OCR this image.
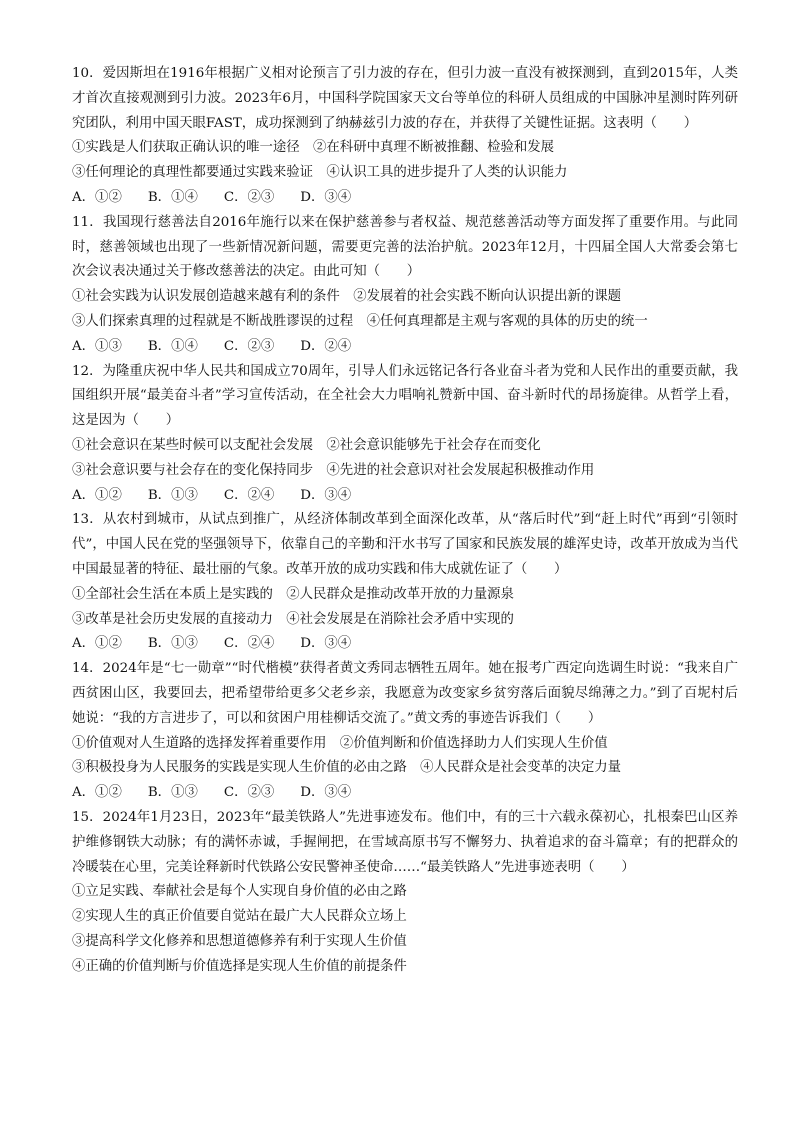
10．爱因斯坦在1916年根据广义相对论预言了引力波的存在，但引力波一直没有被探测到，直到2015年，人类才首次直接观测到引力波。2023年6月，中国科学院国家天文台等单位的科研人员组成的中国脉冲星测时阵列研究团队，利用中国天眼FAST，成功探测到了纳赫兹引力波的存在，并获得了关键性证据。这表明（　　）
①实践是人们获取正确认识的唯一途径　②在科研中真理不断被推翻、检验和发展
③任何理论的真理性都要通过实践来验证　④认识工具的进步提升了人类的认识能力
A．①② B．①④ C．②③ D．③④
11．我国现行慈善法自2016年施行以来在保护慈善参与者权益、规范慈善活动等方面发挥了重要作用。与此同时，慈善领域也出现了一些新情况新问题，需要更完善的法治护航。2023年12月，十四届全国人大常委会第七次会议表决通过关于修改慈善法的决定。由此可知（　　）
①社会实践为认识发展创造越来越有利的条件　②发展着的社会实践不断向认识提出新的课题
③人们探索真理的过程就是不断战胜谬误的过程　④任何真理都是主观与客观的具体的历史的统一
A．①③ B．①④ C．②③ D．②④
12．为隆重庆祝中华人民共和国成立70周年，引导人们永远铭记各行各业奋斗者为党和人民作出的重要贡献，我国组织开展“最美奋斗者”学习宣传活动，在全社会大力唱响礼赞新中国、奋斗新时代的昂扬旋律。从哲学上看，这是因为（　　）
①社会意识在某些时候可以支配社会发展　②社会意识能够先于社会存在而变化
③社会意识要与社会存在的变化保持同步　④先进的社会意识对社会发展起积极推动作用
A．①② B．①③ C．②④ D．③④
13．从农村到城市，从试点到推广，从经济体制改革到全面深化改革，从“落后时代”到“赶上时代”再到“引领时代”，中国人民在党的坚强领导下，依靠自己的辛勤和汗水书写了国家和民族发展的雄浑史诗，改革开放成为当代中国最显著的特征、最壮丽的气象。改革开放的成功实践和伟大成就佐证了（　　）
①全部社会生活在本质上是实践的　②人民群众是推动改革开放的力量源泉
③改革是社会历史发展的直接动力　④社会发展是在消除社会矛盾中实现的
A．①② B．①③ C．②④ D．③④
14．2024年是“七一勋章”“时代楷模”获得者黄文秀同志牺牲五周年。她在报考广西定向选调生时说：“我来自广西贫困山区，我要回去，把希望带给更多父老乡亲，我愿意为改变家乡贫穷落后面貌尽绵薄之力。”到了百坭村后她说：“我的方言进步了，可以和贫困户用桂柳话交流了。”黄文秀的事迹告诉我们（　　）
①价值观对人生道路的选择发挥着重要作用　②价值判断和价值选择助力人们实现人生价值
③积极投身为人民服务的实践是实现人生价值的必由之路　④人民群众是社会变革的决定力量
A．①② B．①③ C．②③ D．③④
15．2024年1月23日，2023年“最美铁路人”先进事迹发布。他们中，有的三十六载永葆初心，扎根秦巴山区养护维修钢铁大动脉；有的满怀赤诚，手握闸把，在雪域高原书写不懈努力、执着追求的奋斗篇章；有的把群众的冷暖装在心里，完美诠释新时代铁路公安民警神圣使命……“最美铁路人”先进事迹表明（　　）
①立足实践、奉献社会是每个人实现自身价值的必由之路
②实现人生的真正价值要自觉站在最广大人民群众立场上
③提高科学文化修养和思想道德修养有利于实现人生价值
④正确的价值判断与价值选择是实现人生价值的前提条件
